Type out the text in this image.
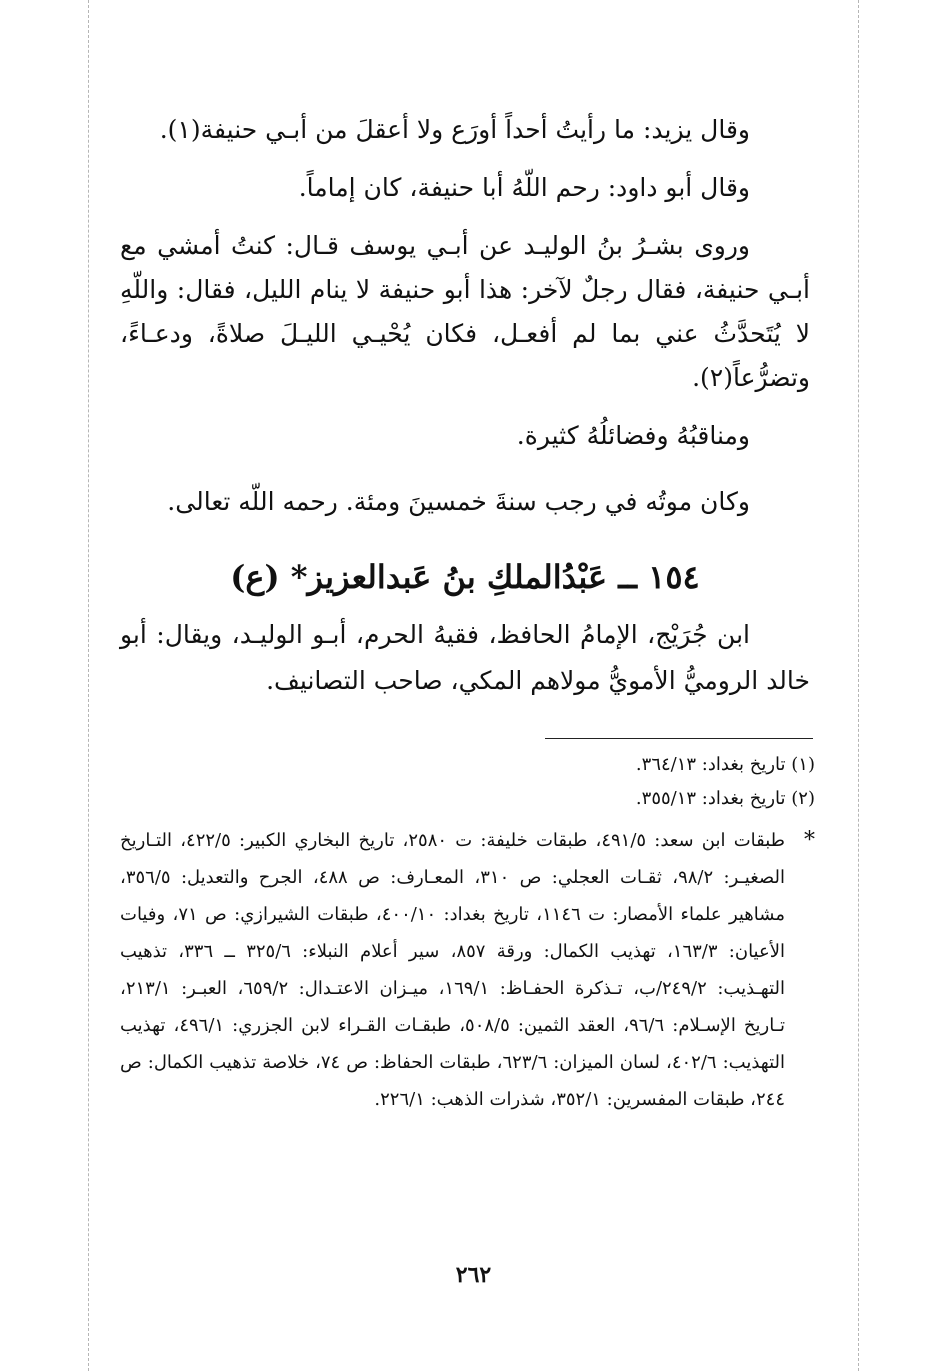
وقال يزيد: ما رأيتُ أحداً أورَع ولا أعقلَ من أبـي حنيفة(١).

وقال أبو داود: رحم اللّهُ أبا حنيفة، كان إماماً.

وروى بشـرُ بنُ الوليـد عن أبـي يوسف قـال: كنتُ أمشي مع أبـي حنيفة، فقال رجلٌ لآخر: هذا أبو حنيفة لا ينام الليل، فقال: واللّهِ لا يُتَحدَّثُ عني بما لم أفعـل، فكان يُحْيـي الليـلَ صلاةً، ودعـاءً، وتضرُّعاً(٢).

ومناقبُهُ وفضائلُهُ كثيرة.

وكان موتُه في رجب سنةَ خمسينَ ومئة. رحمه اللّه تعالى.

١٥٤ ــ عَبْدُالملكِ بنُ عَبدالعزيز* (ع)

ابن جُرَيْج، الإمامُ الحافظ، فقيهُ الحرم، أبـو الوليـد، ويقال: أبو خالد الروميُّ الأمويُّ مولاهم المكي، صاحب التصانيف.

(١) تاريخ بغداد: ٣٦٤/١٣.

(٢) تاريخ بغداد: ٣٥٥/١٣.

*
طبقات ابن سعد: ٤٩١/٥، طبقات خليفة: ت ٢٥٨٠، تاريخ البخاري الكبير: ٤٢٢/٥، التـاريخ الصغيـر: ٩٨/٢، ثقـات العجلي: ص ٣١٠، المعـارف: ص ٤٨٨، الجرح والتعديل: ٣٥٦/٥، مشاهير علماء الأمصار: ت ١١٤٦، تاريخ بغداد: ٤٠٠/١٠، طبقات الشيرازي: ص ٧١، وفيات الأعيان: ١٦٣/٣، تهذيب الكمال: ورقة ٨٥٧، سير أعلام النبلاء: ٣٢٥/٦ ــ ٣٣٦، تذهيب التهـذيب: ٢٤٩/٢/ب، تـذكرة الحفـاظ: ١٦٩/١، ميـزان الاعتـدال: ٦٥٩/٢، العبـر: ٢١٣/١، تـاريخ الإسـلام: ٩٦/٦، العقد الثمين: ٥٠٨/٥، طبقـات القـراء لابن الجزري: ٤٩٦/١، تهذيب التهذيب: ٤٠٢/٦، لسان الميزان: ٦٢٣/٦، طبقات الحفاظ: ص ٧٤، خلاصة تذهيب الكمال: ص ٢٤٤، طبقات المفسرين: ٣٥٢/١، شذرات الذهب: ٢٢٦/١.
٢٦٢
